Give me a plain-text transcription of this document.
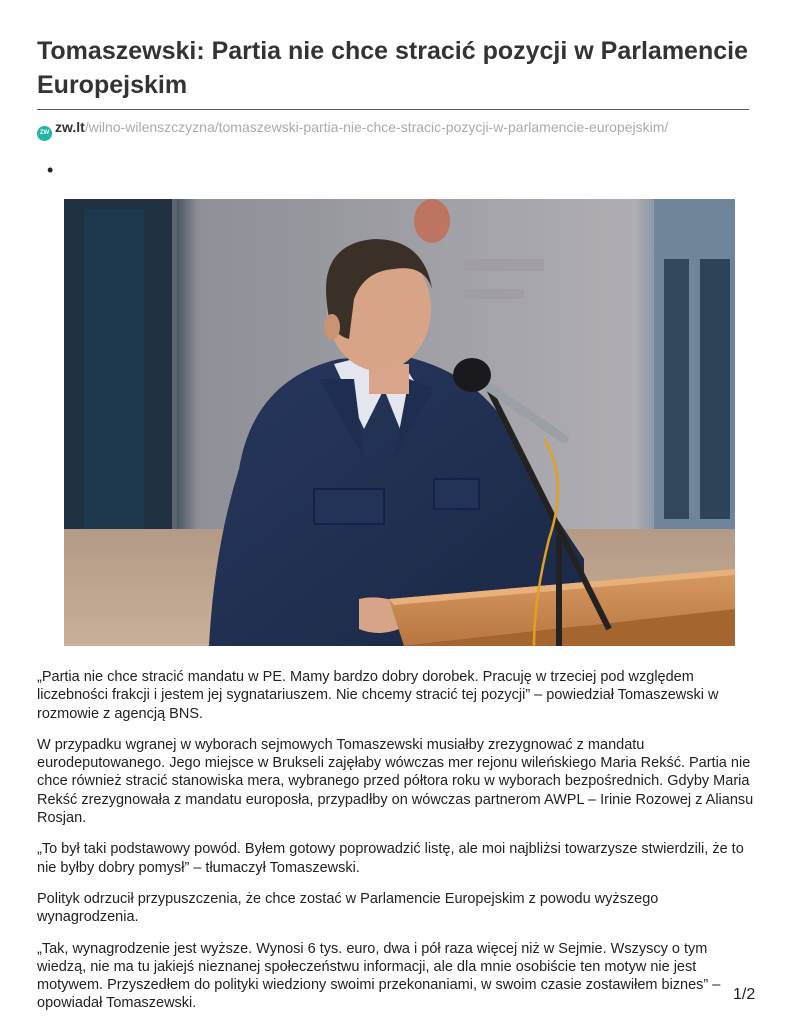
Tomaszewski: Partia nie chce stracić pozycji w Parlamencie Europejskim
ZW zw.lt/wilno-wilenszczyzna/tomaszewski-partia-nie-chce-stracic-pozycji-w-parlamencie-europejskim/
•

„Partia nie chce stracić mandatu w PE. Mamy bardzo dobry dorobek. Pracuję w trzeciej pod względem liczebności frakcji i jestem jej sygnatariuszem. Nie chcemy stracić tej pozycji” – powiedział Tomaszewski w rozmowie z agencją BNS.

W przypadku wgranej w wyborach sejmowych Tomaszewski musiałby zrezygnować z mandatu eurodeputowanego. Jego miejsce w Brukseli zajęłaby wówczas mer rejonu wileńskiego Maria Rekść. Partia nie chce również stracić stanowiska mera, wybranego przed półtora roku w wyborach bezpośrednich. Gdyby Maria Rekść zrezygnowała z mandatu europosła, przypadłby on wówczas partnerom AWPL – Irinie Rozowej z Aliansu Rosjan.

„To był taki podstawowy powód. Byłem gotowy poprowadzić listę, ale moi najbliżsi towarzysze stwierdzili, że to nie byłby dobry pomysł” – tłumaczył Tomaszewski.

Polityk odrzucił przypuszczenia, że chce zostać w Parlamencie Europejskim z powodu wyższego wynagrodzenia.

„Tak, wynagrodzenie jest wyższe. Wynosi 6 tys. euro, dwa i pół raza więcej niż w Sejmie. Wszyscy o tym wiedzą, nie ma tu jakiejś nieznanej społeczeństwu informacji, ale dla mnie osobiście ten motyw nie jest motywem. Przyszedłem do polityki wiedziony swoimi przekonaniami, w swoim czasie zostawiłem biznes” – opowiadał Tomaszewski.

1/2
